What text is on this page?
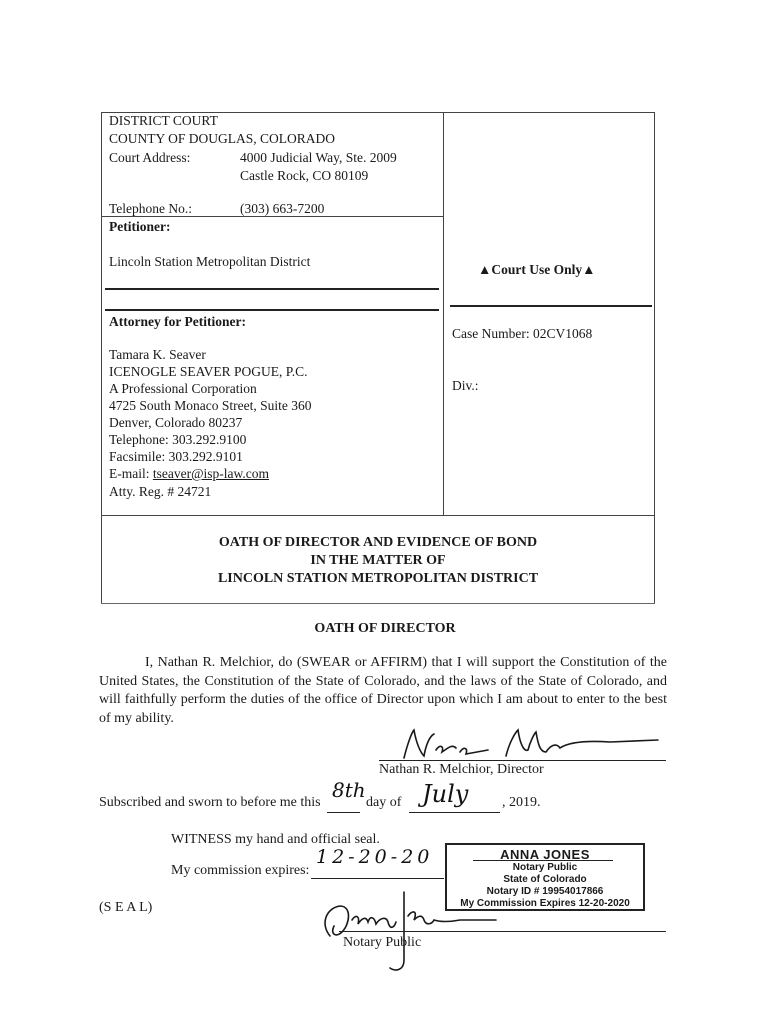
DISTRICT COURT
COUNTY OF DOUGLAS, COLORADO
Court Address:	4000 Judicial Way, Ste. 2009
Castle Rock, CO 80109
Telephone No.:	(303) 663-7200
Petitioner:
Lincoln Station Metropolitan District
▲Court Use Only▲
Attorney for Petitioner:
Case Number: 02CV1068
Div.:
Tamara K. Seaver
ICENOGLE SEAVER POGUE, P.C.
A Professional Corporation
4725 South Monaco Street, Suite 360
Denver, Colorado 80237
Telephone: 303.292.9100
Facsimile: 303.292.9101
E-mail: tseaver@isp-law.com
Atty. Reg. # 24721
OATH OF DIRECTOR AND EVIDENCE OF BOND
IN THE MATTER OF
LINCOLN STATION METROPOLITAN DISTRICT
OATH OF DIRECTOR
I, Nathan R. Melchior, do (SWEAR or AFFIRM) that I will support the Constitution of the United States, the Constitution of the State of Colorado, and the laws of the State of Colorado, and will faithfully perform the duties of the office of Director upon which I am about to enter to the best of my ability.
Nathan R. Melchior, Director
Subscribed and sworn to before me this
8th
day of July , 2019.
WITNESS my hand and official seal.
My commission expires:
12-20-20
(S E A L)
Notary Public
ANNA JONES
Notary Public
State of Colorado
Notary ID # 19954017866
My Commission Expires 12-20-2020
